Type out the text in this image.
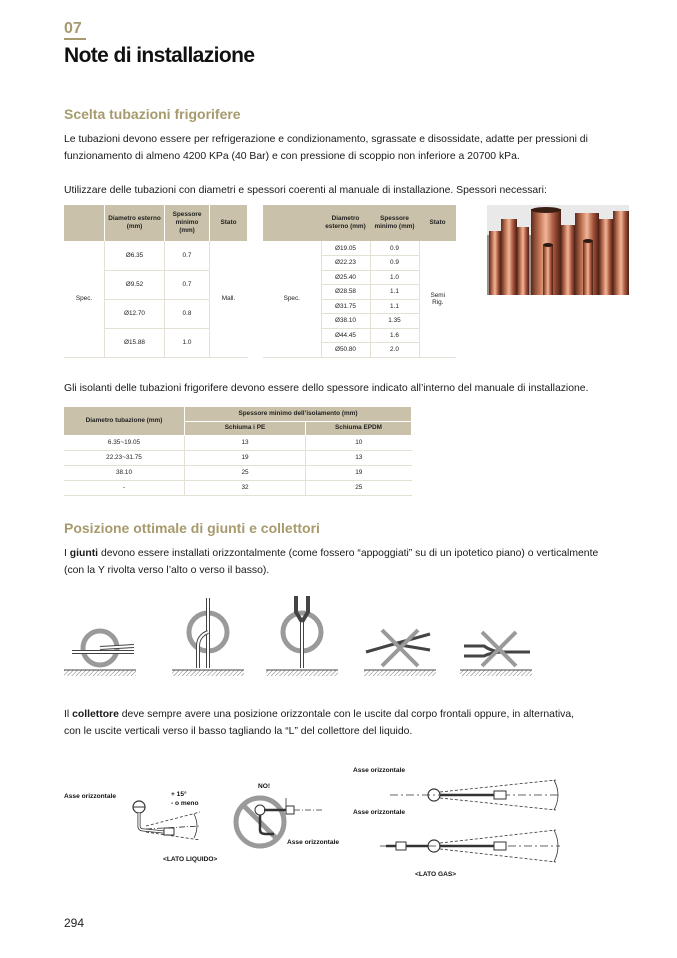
07
Note di installazione
Scelta tubazioni frigorifere
Le tubazioni devono essere per refrigerazione e condizionamento, sgrassate e disossidate, adatte per pressioni di
funzionamento di almeno 4200 KPa (40 Bar) e con pressione di scoppio non inferiore a 20700 kPa.
Utilizzare delle tubazioni con diametri e spessori coerenti al manuale di installazione. Spessori necessari:
	Diametro esterno (mm)	Spessore minimo (mm)	Stato
Spec.	Ø6.35	0.7	Mall.
	Ø9.52	0.7	
	Ø12.70	0.8	
	Ø15.88	1.0	
	Diametro esterno (mm)	Spessore minimo (mm)	Stato
Spec.	Ø19.05	0.9	Semi
Rig.

	Ø22.23	0.9	
	Ø25.40	1.0	
	Ø28.58	1.1	
	Ø31.75	1.1	
	Ø38.10	1.35	
	Ø44.45	1.6	
	Ø50.80	2.0	
Gli isolanti delle tubazioni frigorifere devono essere dello spessore indicato all’interno del manuale di installazione.
Diametro tubazione (mm)	Spessore minimo dell’isolamento (mm)	
	Schiuma i PE	Schiuma EPDM
6.35~19.05	13	10
22.23~31.75	19	13
38.10	25	19
-	32	25
Posizione ottimale di giunti e collettori
I giunti devono essere installati orizzontalmente (come fossero “appoggiati” su di un ipotetico piano) o verticalmente
(con la Y rivolta verso l’alto o verso il basso).
Il collettore deve sempre avere una posizione orizzontale con le uscite dal corpo frontali oppure, in alternativa,
con le uscite verticali verso il basso tagliando la “L” del collettore del liquido.
Asse orizzontale	+ 15°
- o meno
<LATO LIQUIDO>
NO!
Asse orizzontale
Asse orizzontale
Asse orizzontale
<LATO GAS>
294
